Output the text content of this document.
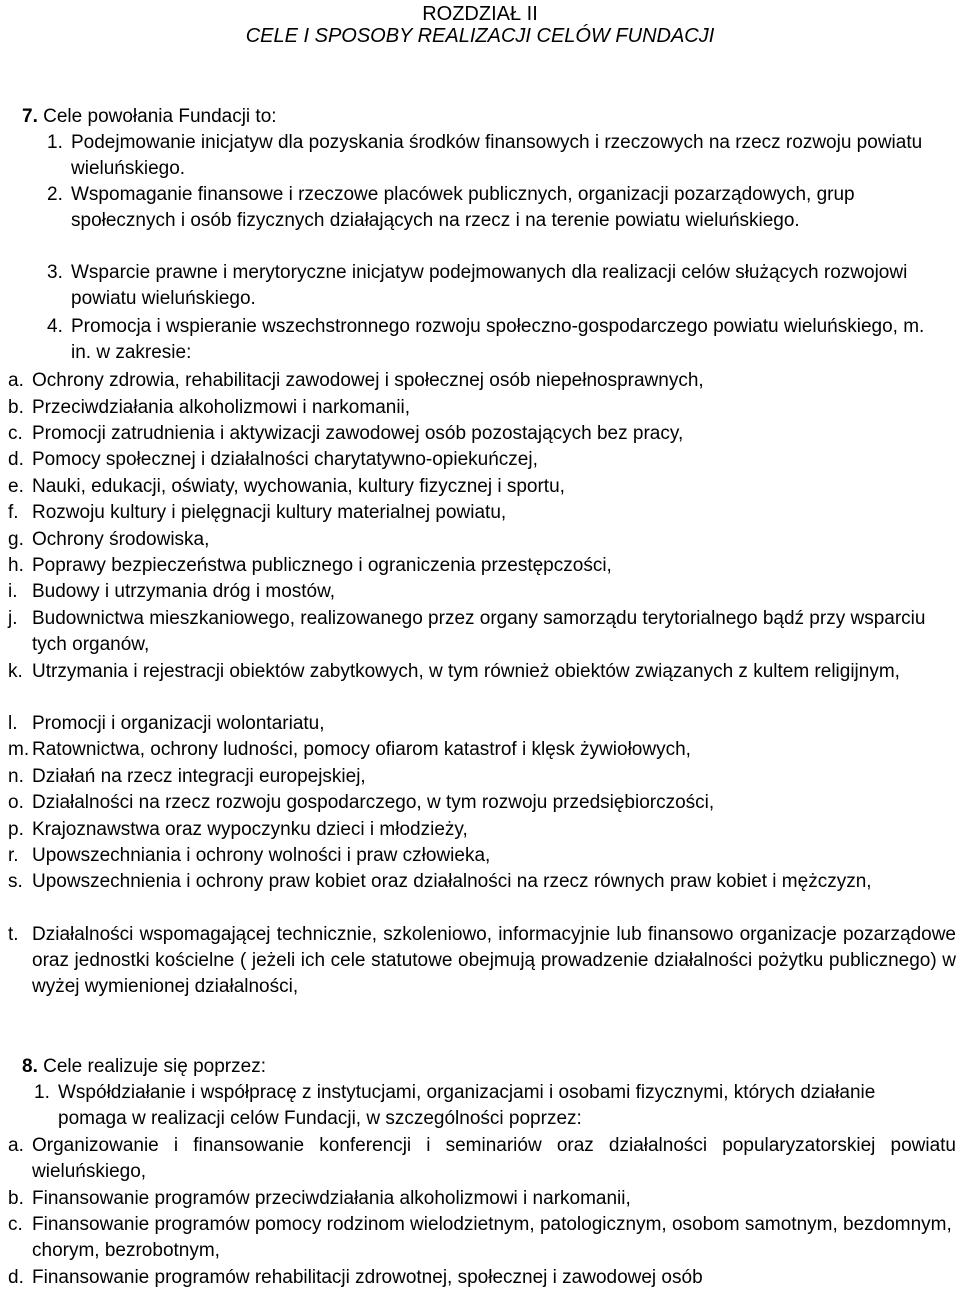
ROZDZIAŁ II
CELE I SPOSOBY REALIZACJI CELÓW FUNDACJI
7. Cele powołania Fundacji to:
1. Podejmowanie inicjatyw dla pozyskania środków finansowych i rzeczowych na rzecz rozwoju powiatu wieluńskiego.
2. Wspomaganie finansowe i rzeczowe placówek publicznych, organizacji pozarządowych, grup społecznych i osób fizycznych działających na rzecz i na terenie powiatu wieluńskiego.
3. Wsparcie prawne i merytoryczne inicjatyw podejmowanych dla realizacji celów służących rozwojowi powiatu wieluńskiego.
4. Promocja i wspieranie wszechstronnego rozwoju społeczno-gospodarczego powiatu wieluńskiego, m. in. w zakresie:
a. Ochrony zdrowia, rehabilitacji zawodowej i społecznej osób niepełnosprawnych,
b. Przeciwdziałania alkoholizmowi i narkomanii,
c. Promocji zatrudnienia i aktywizacji zawodowej osób pozostających bez pracy,
d. Pomocy społecznej i działalności charytatywno-opiekuńczej,
e. Nauki, edukacji, oświaty, wychowania, kultury fizycznej i sportu,
f. Rozwoju kultury i pielęgnacji kultury materialnej powiatu,
g. Ochrony środowiska,
h. Poprawy bezpieczeństwa publicznego i ograniczenia przestępczości,
i. Budowy i utrzymania dróg i mostów,
j. Budownictwa mieszkaniowego, realizowanego przez organy samorządu terytorialnego bądź przy wsparciu tych organów,
k. Utrzymania i rejestracji obiektów zabytkowych, w tym również obiektów związanych z kultem religijnym,
l. Promocji i organizacji wolontariatu,
m. Ratownictwa, ochrony ludności, pomocy ofiarom katastrof i klęsk żywiołowych,
n. Działań na rzecz integracji europejskiej,
o. Działalności na rzecz rozwoju gospodarczego, w tym rozwoju przedsiębiorczości,
p. Krajoznawstwa oraz wypoczynku dzieci i młodzieży,
r. Upowszechniania i ochrony wolności i praw człowieka,
s. Upowszechnienia i ochrony praw kobiet oraz działalności na rzecz równych praw kobiet i mężczyzn,
t. Działalności wspomagającej technicznie, szkoleniowo, informacyjnie lub finansowo organizacje pozarządowe oraz jednostki kościelne ( jeżeli ich cele statutowe obejmują prowadzenie działalności pożytku publicznego) w wyżej wymienionej działalności,
8. Cele realizuje się poprzez:
1. Współdziałanie i współpracę z instytucjami, organizacjami i osobami fizycznymi, których działanie pomaga w realizacji celów Fundacji, w szczególności poprzez:
a. Organizowanie i finansowanie konferencji i seminariów oraz działalności popularyzatorskiej powiatu wieluńskiego,
b. Finansowanie programów przeciwdziałania alkoholizmowi i narkomanii,
c. Finansowanie programów pomocy rodzinom wielodzietnym, patologicznym, osobom samotnym, bezdomnym, chorym, bezrobotnym,
d. Finansowanie programów rehabilitacji zdrowotnej, społecznej i zawodowej osób
